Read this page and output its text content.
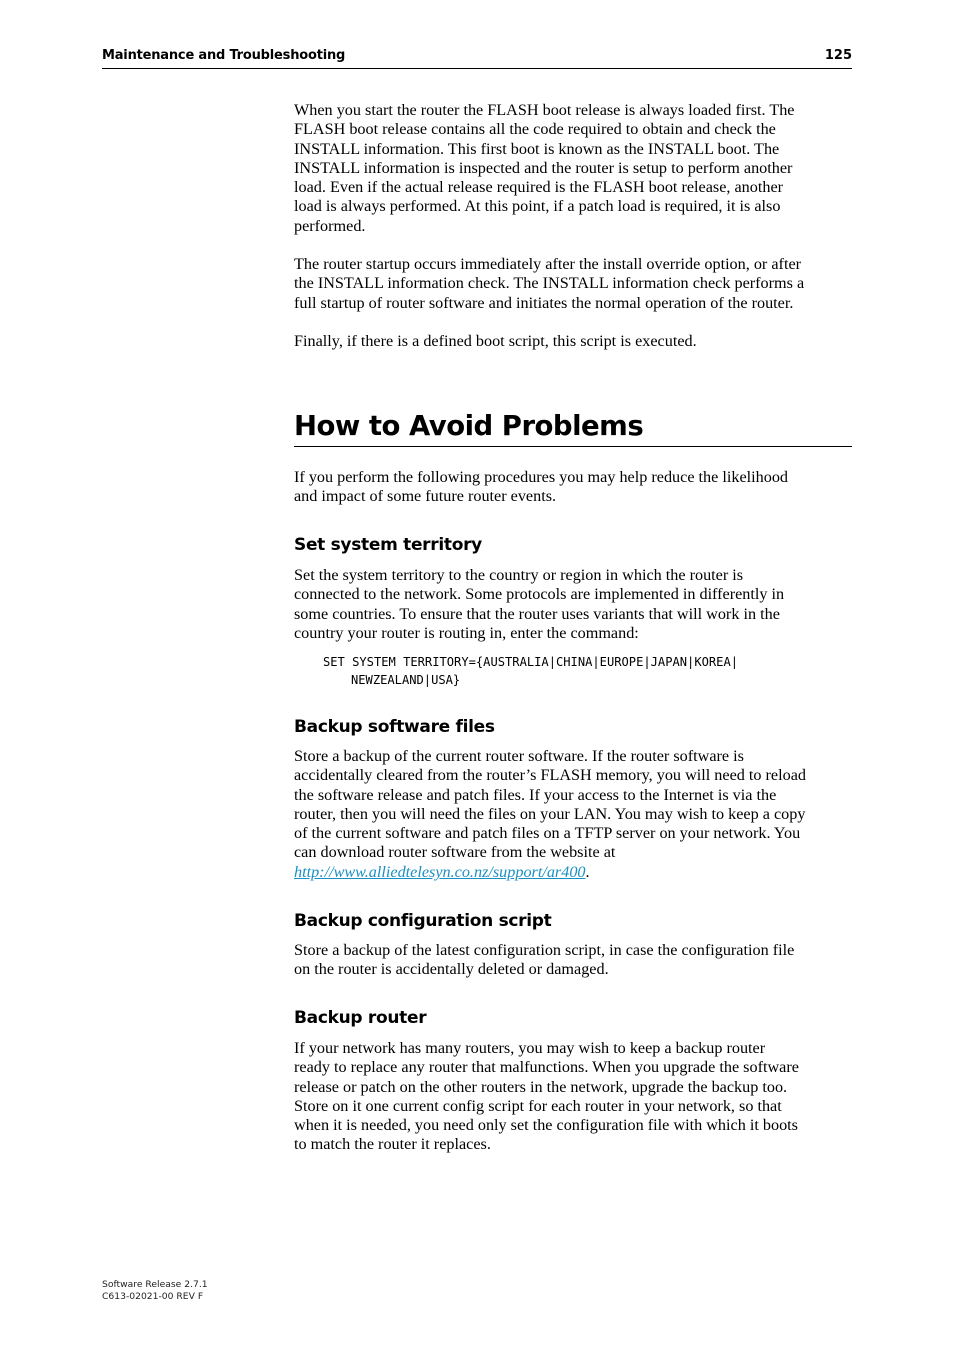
Maintenance and Troubleshooting	125

When you start the router the FLASH boot release is always loaded first. The
FLASH boot release contains all the code required to obtain and check the
INSTALL information. This first boot is known as the INSTALL boot. The
INSTALL information is inspected and the router is setup to perform another
load. Even if the actual release required is the FLASH boot release, another
load is always performed. At this point, if a patch load is required, it is also
performed.

The router startup occurs immediately after the install override option, or after
the INSTALL information check. The INSTALL information check performs a
full startup of router software and initiates the normal operation of the router.

Finally, if there is a defined boot script, this script is executed.

How to Avoid Problems

If you perform the following procedures you may help reduce the likelihood
and impact of some future router events.

Set system territory

Set the system territory to the country or region in which the router is
connected to the network. Some protocols are implemented in differently in
some countries. To ensure that the router uses variants that will work in the
country your router is routing in, enter the command:

SET SYSTEM TERRITORY={AUSTRALIA|CHINA|EUROPE|JAPAN|KOREA|
NEWZEALAND|USA}
Backup software files

Store a backup of the current router software. If the router software is
accidentally cleared from the router’s FLASH memory, you will need to reload
the software release and patch files. If your access to the Internet is via the
router, then you will need the files on your LAN. You may wish to keep a copy
of the current software and patch files on a TFTP server on your network. You
can download router software from the website at
http://www.alliedtelesyn.co.nz/support/ar400.

Backup configuration script

Store a backup of the latest configuration script, in case the configuration file
on the router is accidentally deleted or damaged.

Backup router

If your network has many routers, you may wish to keep a backup router
ready to replace any router that malfunctions. When you upgrade the software
release or patch on the other routers in the network, upgrade the backup too.
Store on it one current config script for each router in your network, so that
when it is needed, you need only set the configuration file with which it boots
to match the router it replaces.

Software Release 2.7.1
C613-02021-00 REV F
